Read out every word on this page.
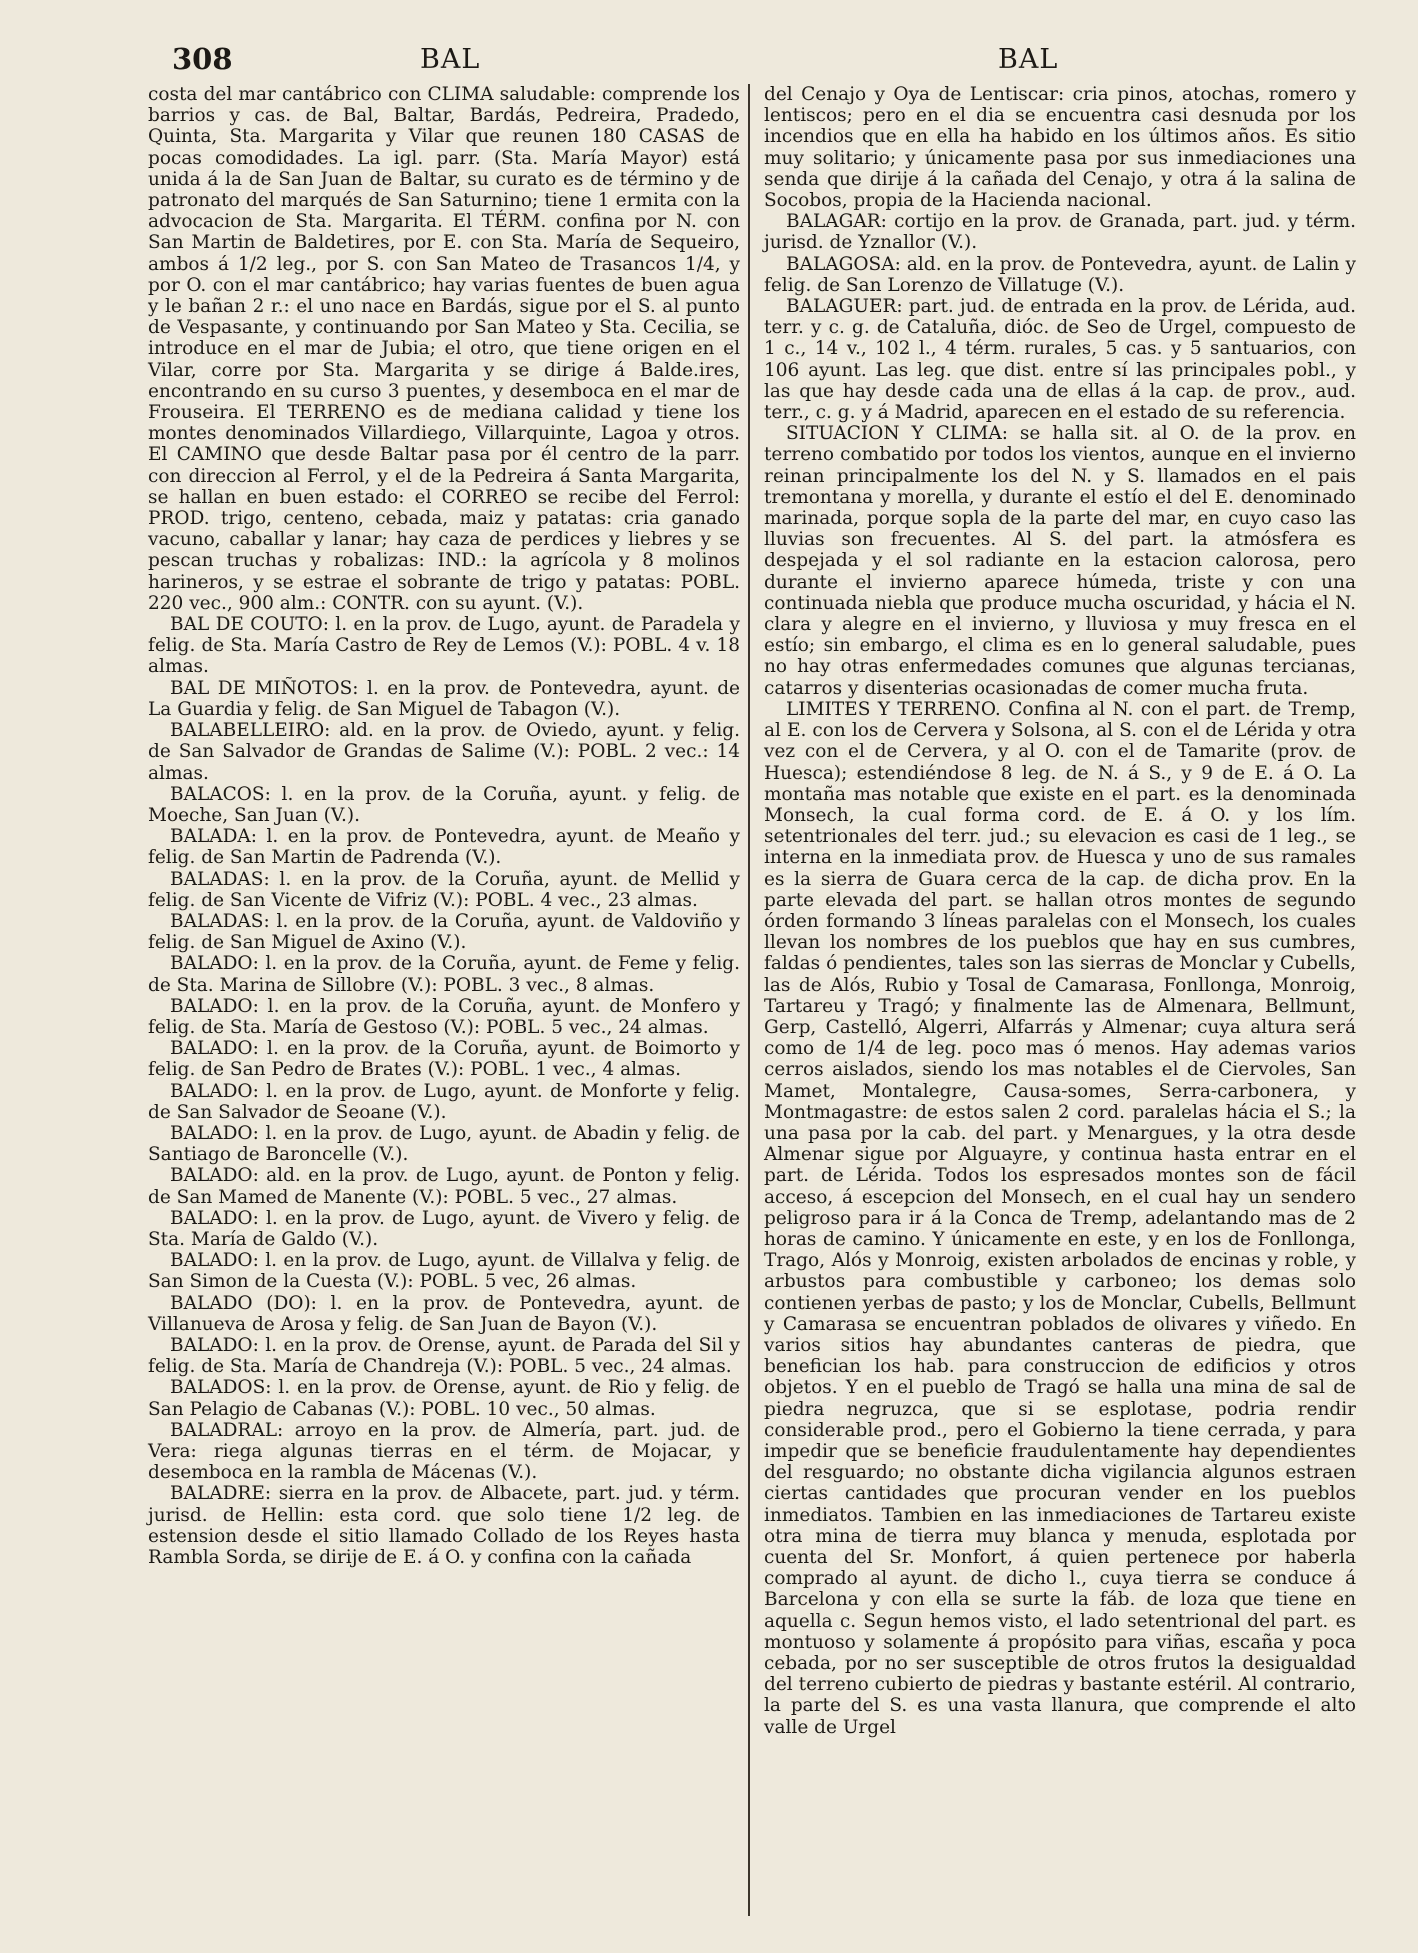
308	BAL	BAL

costa del mar cantábrico con CLIMA saludable: comprende los barrios y cas. de Bal, Baltar, Bardás, Pedreira, Pradedo, Quinta, Sta. Margarita y Vilar que reunen 180 CASAS de pocas comodidades. La igl. parr. (Sta. María Mayor) está unida á la de San Juan de Baltar, su curato es de término y de patronato del marqués de San Saturnino; tiene 1 ermita con la advocacion de Sta. Margarita. El TÉRM. confina por N. con San Martin de Baldetires, por E. con Sta. María de Sequeiro, ambos á 1/2 leg., por S. con San Mateo de Trasancos 1/4, y por O. con el mar cantábrico; hay varias fuentes de buen agua y le bañan 2 r.: el uno nace en Bardás, sigue por el S. al punto de Vespasante, y continuando por San Mateo y Sta. Cecilia, se introduce en el mar de Jubia; el otro, que tiene origen en el Vilar, corre por Sta. Margarita y se dirige á Balde.ires, encontrando en su curso 3 puentes, y desemboca en el mar de Frouseira. El TERRENO es de mediana calidad y tiene los montes denominados Villardiego, Villarquinte, Lagoa y otros. El CAMINO que desde Baltar pasa por él centro de la parr. con direccion al Ferrol, y el de la Pedreira á Santa Margarita, se hallan en buen estado: el CORREO se recibe del Ferrol: PROD. trigo, centeno, cebada, maiz y patatas: cria ganado vacuno, caballar y lanar; hay caza de perdices y liebres y se pescan truchas y robalizas: IND.: la agrícola y 8 molinos harineros, y se estrae el sobrante de trigo y patatas: POBL. 220 vec., 900 alm.: CONTR. con su ayunt. (V.).

BAL DE COUTO: l. en la prov. de Lugo, ayunt. de Paradela y felig. de Sta. María Castro de Rey de Lemos (V.): POBL. 4 v. 18 almas.

BAL DE MIÑOTOS: l. en la prov. de Pontevedra, ayunt. de La Guardia y felig. de San Miguel de Tabagon (V.).

BALABELLEIRO: ald. en la prov. de Oviedo, ayunt. y felig. de San Salvador de Grandas de Salime (V.): POBL. 2 vec.: 14 almas.

BALACOS: l. en la prov. de la Coruña, ayunt. y felig. de Moeche, San Juan (V.).

BALADA: l. en la prov. de Pontevedra, ayunt. de Meaño y felig. de San Martin de Padrenda (V.).

BALADAS: l. en la prov. de la Coruña, ayunt. de Mellid y felig. de San Vicente de Vifriz (V.): POBL. 4 vec., 23 almas.

BALADAS: l. en la prov. de la Coruña, ayunt. de Valdoviño y felig. de San Miguel de Axino (V.).

BALADO: l. en la prov. de la Coruña, ayunt. de Feme y felig. de Sta. Marina de Sillobre (V.): POBL. 3 vec., 8 almas.

BALADO: l. en la prov. de la Coruña, ayunt. de Monfero y felig. de Sta. María de Gestoso (V.): POBL. 5 vec., 24 almas.

BALADO: l. en la prov. de la Coruña, ayunt. de Boimorto y felig. de San Pedro de Brates (V.): POBL. 1 vec., 4 almas.

BALADO: l. en la prov. de Lugo, ayunt. de Monforte y felig. de San Salvador de Seoane (V.).

BALADO: l. en la prov. de Lugo, ayunt. de Abadin y felig. de Santiago de Baroncelle (V.).

BALADO: ald. en la prov. de Lugo, ayunt. de Ponton y felig. de San Mamed de Manente (V.): POBL. 5 vec., 27 almas.

BALADO: l. en la prov. de Lugo, ayunt. de Vivero y felig. de Sta. María de Galdo (V.).

BALADO: l. en la prov. de Lugo, ayunt. de Villalva y felig. de San Simon de la Cuesta (V.): POBL. 5 vec, 26 almas.

BALADO (DO): l. en la prov. de Pontevedra, ayunt. de Villanueva de Arosa y felig. de San Juan de Bayon (V.).

BALADO: l. en la prov. de Orense, ayunt. de Parada del Sil y felig. de Sta. María de Chandreja (V.): POBL. 5 vec., 24 almas.

BALADOS: l. en la prov. de Orense, ayunt. de Rio y felig. de San Pelagio de Cabanas (V.): POBL. 10 vec., 50 almas.

BALADRAL: arroyo en la prov. de Almería, part. jud. de Vera: riega algunas tierras en el térm. de Mojacar, y desemboca en la rambla de Mácenas (V.).

BALADRE: sierra en la prov. de Albacete, part. jud. y térm. jurisd. de Hellin: esta cord. que solo tiene 1/2 leg. de estension desde el sitio llamado Collado de los Reyes hasta Rambla Sorda, se dirije de E. á O. y confina con la cañada

del Cenajo y Oya de Lentiscar: cria pinos, atochas, romero y lentiscos; pero en el dia se encuentra casi desnuda por los incendios que en ella ha habido en los últimos años. Es sitio muy solitario; y únicamente pasa por sus inmediaciones una senda que dirije á la cañada del Cenajo, y otra á la salina de Socobos, propia de la Hacienda nacional.

BALAGAR: cortijo en la prov. de Granada, part. jud. y térm. jurisd. de Yznallor (V.).

BALAGOSA: ald. en la prov. de Pontevedra, ayunt. de Lalin y felig. de San Lorenzo de Villatuge (V.).

BALAGUER: part. jud. de entrada en la prov. de Lérida, aud. terr. y c. g. de Cataluña, dióc. de Seo de Urgel, compuesto de 1 c., 14 v., 102 l., 4 térm. rurales, 5 cas. y 5 santuarios, con 106 ayunt. Las leg. que dist. entre sí las principales pobl., y las que hay desde cada una de ellas á la cap. de prov., aud. terr., c. g. y á Madrid, aparecen en el estado de su referencia.

SITUACION Y CLIMA: se halla sit. al O. de la prov. en terreno combatido por todos los vientos, aunque en el invierno reinan principalmente los del N. y S. llamados en el pais tremontana y morella, y durante el estío el del E. denominado marinada, porque sopla de la parte del mar, en cuyo caso las lluvias son frecuentes. Al S. del part. la atmósfera es despejada y el sol radiante en la estacion calorosa, pero durante el invierno aparece húmeda, triste y con una continuada niebla que produce mucha oscuridad, y hácia el N. clara y alegre en el invierno, y lluviosa y muy fresca en el estío; sin embargo, el clima es en lo general saludable, pues no hay otras enfermedades comunes que algunas tercianas, catarros y disenterias ocasionadas de comer mucha fruta.

LIMITES Y TERRENO. Confina al N. con el part. de Tremp, al E. con los de Cervera y Solsona, al S. con el de Lérida y otra vez con el de Cervera, y al O. con el de Tamarite (prov. de Huesca); estendiéndose 8 leg. de N. á S., y 9 de E. á O. La montaña mas notable que existe en el part. es la denominada Monsech, la cual forma cord. de E. á O. y los lím. setentrionales del terr. jud.; su elevacion es casi de 1 leg., se interna en la inmediata prov. de Huesca y uno de sus ramales es la sierra de Guara cerca de la cap. de dicha prov. En la parte elevada del part. se hallan otros montes de segundo órden formando 3 líneas paralelas con el Monsech, los cuales llevan los nombres de los pueblos que hay en sus cumbres, faldas ó pendientes, tales son las sierras de Monclar y Cubells, las de Alós, Rubio y Tosal de Camarasa, Fonllonga, Monroig, Tartareu y Tragó; y finalmente las de Almenara, Bellmunt, Gerp, Castelló, Algerri, Alfarrás y Almenar; cuya altura será como de 1/4 de leg. poco mas ó menos. Hay ademas varios cerros aislados, siendo los mas notables el de Ciervoles, San Mamet, Montalegre, Causa-somes, Serra-carbonera, y Montmagastre: de estos salen 2 cord. paralelas hácia el S.; la una pasa por la cab. del part. y Menargues, y la otra desde Almenar sigue por Alguayre, y continua hasta entrar en el part. de Lérida. Todos los espresados montes son de fácil acceso, á escepcion del Monsech, en el cual hay un sendero peligroso para ir á la Conca de Tremp, adelantando mas de 2 horas de camino. Y únicamente en este, y en los de Fonllonga, Trago, Alós y Monroig, existen arbolados de encinas y roble, y arbustos para combustible y carboneo; los demas solo contienen yerbas de pasto; y los de Monclar, Cubells, Bellmunt y Camarasa se encuentran poblados de olivares y viñedo. En varios sitios hay abundantes canteras de piedra, que benefician los hab. para construccion de edificios y otros objetos. Y en el pueblo de Tragó se halla una mina de sal de piedra negruzca, que si se esplotase, podria rendir considerable prod., pero el Gobierno la tiene cerrada, y para impedir que se beneficie fraudulentamente hay dependientes del resguardo; no obstante dicha vigilancia algunos estraen ciertas cantidades que procuran vender en los pueblos inmediatos. Tambien en las inmediaciones de Tartareu existe otra mina de tierra muy blanca y menuda, esplotada por cuenta del Sr. Monfort, á quien pertenece por haberla comprado al ayunt. de dicho l., cuya tierra se conduce á Barcelona y con ella se surte la fáb. de loza que tiene en aquella c. Segun hemos visto, el lado setentrional del part. es montuoso y solamente á propósito para viñas, escaña y poca cebada, por no ser susceptible de otros frutos la desigualdad del terreno cubierto de piedras y bastante estéril. Al contrario, la parte del S. es una vasta llanura, que comprende el alto valle de Urgel
